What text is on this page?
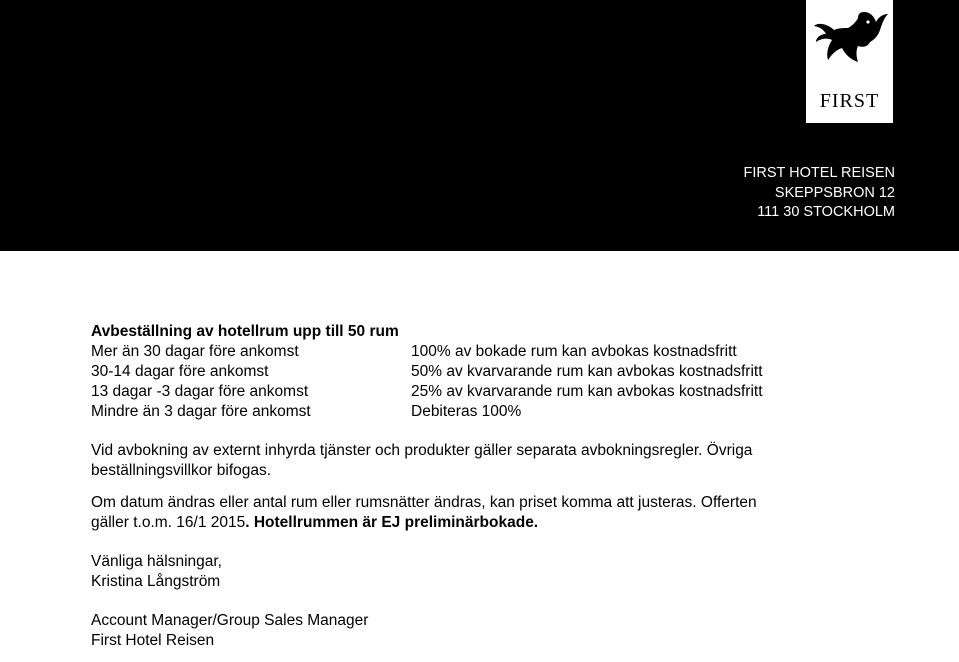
FIRST
FIRST HOTEL REISEN
SKEPPSBRON 12
111 30 STOCKHOLM
Avbeställning av hotellrum upp till 50 rum
Mer än 30 dagar före ankomst	100% av bokade rum kan avbokas kostnadsfritt
30-14 dagar före ankomst	50% av kvarvarande rum kan avbokas kostnadsfritt
13 dagar -3 dagar före ankomst	25% av kvarvarande rum kan avbokas kostnadsfritt
Mindre än 3 dagar före ankomst	Debiteras 100%
Vid avbokning av externt inhyrda tjänster och produkter gäller separata avbokningsregler. Övriga
beställningsvillkor bifogas.
Om datum ändras eller antal rum eller rumsnätter ändras, kan priset komma att justeras. Offerten
gäller t.o.m. 16/1 2015. Hotellrummen är EJ preliminärbokade.
Vänliga hälsningar,
Kristina Långström
Account Manager/Group Sales Manager
First Hotel Reisen
